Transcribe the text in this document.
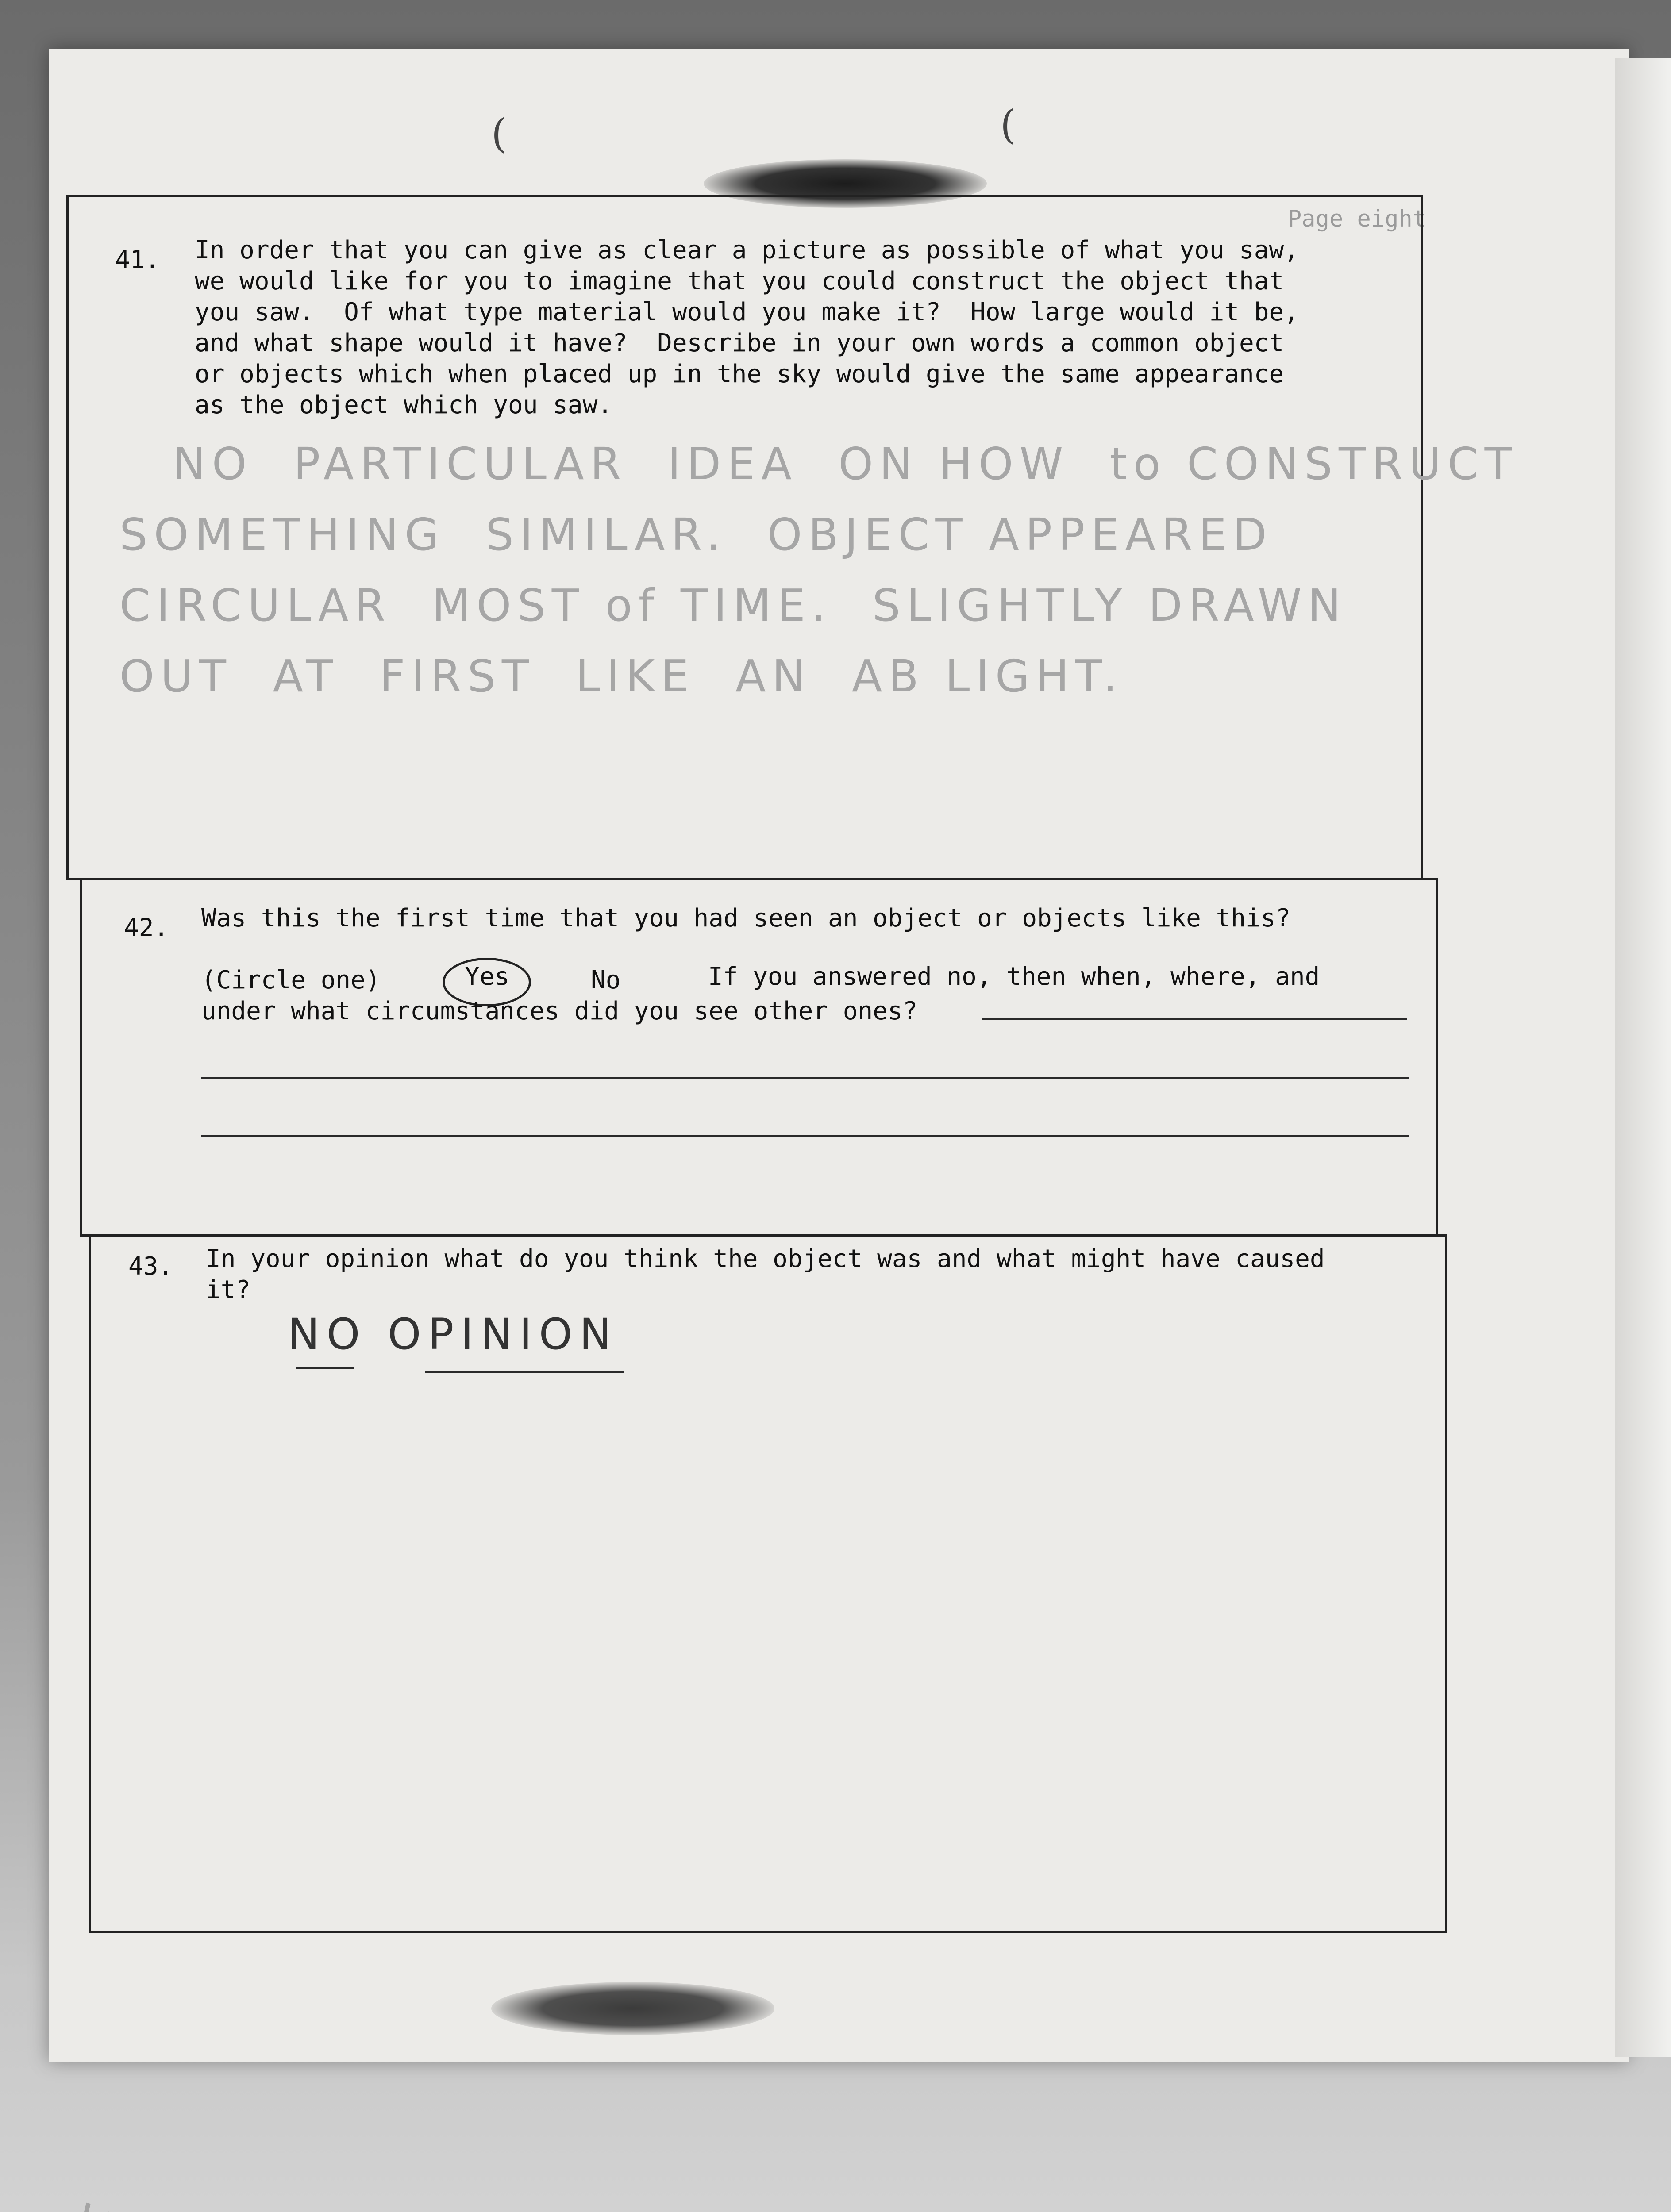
(	(
Page eight
41. In order that you can give as clear a picture as possible of what you saw,
we would like for you to imagine that you could construct the object that
you saw.  Of what type material would you make it?  How large would it be,
and what shape would it have?  Describe in your own words a common object
or objects which when placed up in the sky would give the same appearance
as the object which you saw.
NO  PARTICULAR  IDEA  ON HOW  to CONSTRUCT
SOMETHING  SIMILAR.  OBJECT APPEARED
CIRCULAR  MOST of TIME.  SLIGHTLY DRAWN
OUT  AT  FIRST  LIKE  AN  AB LIGHT.
42. Was this the first time that you had seen an object or objects like this?
(Circle one)	Yes	No	If you answered no, then when, where, and
under what circumstances did you see other ones?
43. In your opinion what do you think the object was and what might have caused
it?
NO OPINION
